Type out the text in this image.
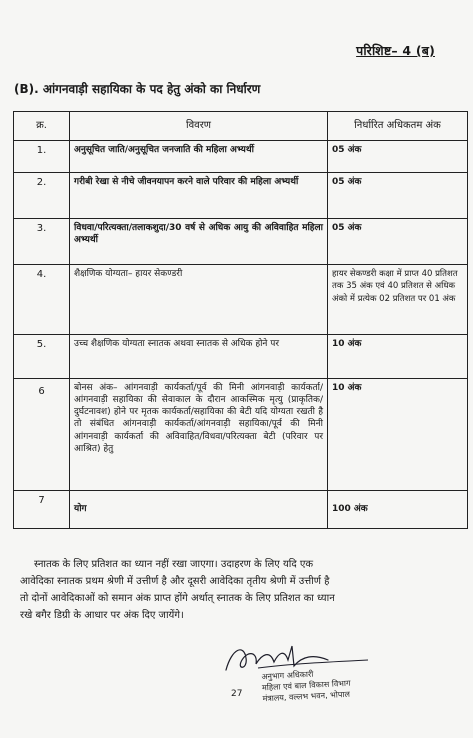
परिशिष्ट– 4 (ब)
(B). आंगनवाड़ी सहायिका के पद हेतु अंको का निर्धारण
क्र.	विवरण	निर्धारित अधिकतम अंक
1.	अनुसूचित जाति/अनुसूचित जनजाति की महिला अभ्यर्थी	05 अंक
2.	गरीबी रेखा से नीचे जीवनयापन करने वाले परिवार की महिला अभ्यर्थी	05 अंक
3.	विधवा/परित्यक्ता/तलाकशुदा/30 वर्ष से अधिक आयु की अविवाहित महिला अभ्यर्थी	05 अंक
4.	शैक्षणिक योग्यता– हायर सेकण्डरी	हायर सेकण्डरी कक्षा में प्राप्त 40 प्रतिशत तक 35 अंक एवं 40 प्रतिशत से अधिक अंको में प्रत्येक 02 प्रतिशत पर 01 अंक
5.	उच्च शैक्षणिक योग्यता स्नातक अथवा स्नातक से अधिक होने पर	10 अंक
6	बोनस अंक– आंगनवाड़ी कार्यकर्ता/पूर्व की मिनी आंगनवाड़ी कार्यकर्ता/आंगनवाड़ी सहायिका की सेवाकाल के दौरान आकस्मिक मृत्यु (प्राकृतिक/दुर्घटनावश) होने पर मृतक कार्यकर्ता/सहायिका की बेटी यदि योग्यता रखती है तो संबंधित आंगनवाड़ी कार्यकर्ता/आंगनवाड़ी सहायिका/पूर्व की मिनी आंगनवाड़ी कार्यकर्ता की अविवाहित/विधवा/परित्यक्ता बेटी (परिवार पर आश्रित) हेतु	10 अंक
7	योग	100 अंक
स्नातक के लिए प्रतिशत का ध्यान नहीं रखा जाएगा। उदाहरण के लिए यदि एक
आवेदिका स्नातक प्रथम श्रेणी में उत्तीर्ण है और दूसरी आवेदिका तृतीय श्रेणी में उत्तीर्ण है
तो दोनों आवेदिकाओं को समान अंक प्राप्त होंगे अर्थात् स्नातक के लिए प्रतिशत का ध्यान
रखे बगैर डिग्री के आधार पर अंक दिए जायेंगे।
अनुभाग अधिकारी
महिला एवं बाल विकास विभाग
मंत्रालय, वल्लभ भवन, भोपाल
27
